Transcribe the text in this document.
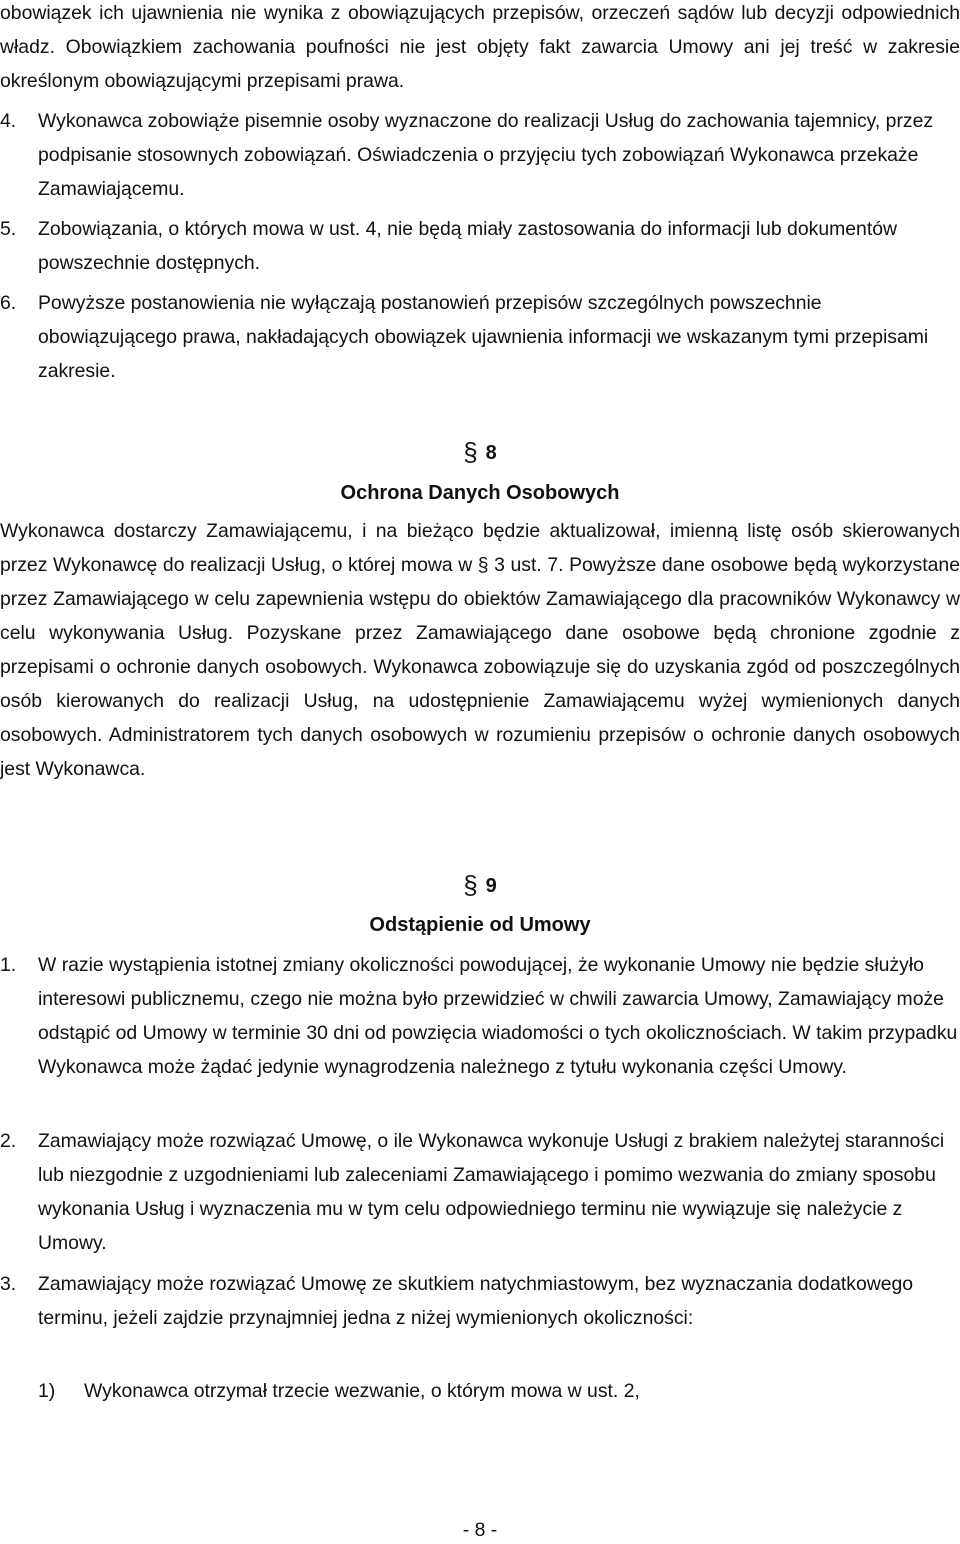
obowiązek ich ujawnienia nie wynika z obowiązujących przepisów, orzeczeń sądów lub decyzji odpowiednich władz. Obowiązkiem zachowania poufności nie jest objęty fakt zawarcia Umowy ani jej treść w zakresie określonym obowiązującymi przepisami prawa.

4. Wykonawca zobowiąże pisemnie osoby wyznaczone do realizacji Usług do zachowania tajemnicy, przez podpisanie stosownych zobowiązań. Oświadczenia o przyjęciu tych zobowiązań Wykonawca przekaże Zamawiającemu.
5. Zobowiązania, o których mowa w ust. 4, nie będą miały zastosowania do informacji lub dokumentów powszechnie dostępnych.
6. Powyższe postanowienia nie wyłączają postanowień przepisów szczególnych powszechnie obowiązującego prawa, nakładających obowiązek ujawnienia informacji we wskazanym tymi przepisami zakresie.
§ 8
Ochrona Danych Osobowych

Wykonawca dostarczy Zamawiającemu, i na bieżąco będzie aktualizował, imienną listę osób skierowanych przez Wykonawcę do realizacji Usług, o której mowa w § 3 ust. 7. Powyższe dane osobowe będą wykorzystane przez Zamawiającego w celu zapewnienia wstępu do obiektów Zamawiającego dla pracowników Wykonawcy w celu wykonywania Usług. Pozyskane przez Zamawiającego dane osobowe będą chronione zgodnie z przepisami o ochronie danych osobowych. Wykonawca zobowiązuje się do uzyskania zgód od poszczególnych osób kierowanych do realizacji Usług, na udostępnienie Zamawiającemu wyżej wymienionych danych osobowych. Administratorem tych danych osobowych w rozumieniu przepisów o ochronie danych osobowych jest Wykonawca.

§ 9
Odstąpienie od Umowy
1. W razie wystąpienia istotnej zmiany okoliczności powodującej, że wykonanie Umowy nie będzie służyło interesowi publicznemu, czego nie można było przewidzieć w chwili zawarcia Umowy, Zamawiający może odstąpić od Umowy w terminie 30 dni od powzięcia wiadomości o tych okolicznościach. W takim przypadku Wykonawca może żądać jedynie wynagrodzenia należnego z tytułu wykonania części Umowy.
2. Zamawiający może rozwiązać Umowę, o ile Wykonawca wykonuje Usługi z brakiem należytej staranności lub niezgodnie z uzgodnieniami lub zaleceniami Zamawiającego i pomimo wezwania do zmiany sposobu wykonania Usług i wyznaczenia mu w tym celu odpowiedniego terminu nie wywiązuje się należycie z Umowy.
3. Zamawiający może rozwiązać Umowę ze skutkiem natychmiastowym, bez wyznaczania dodatkowego terminu, jeżeli zajdzie przynajmniej jedna z niżej wymienionych okoliczności:
1) Wykonawca otrzymał trzecie wezwanie, o którym mowa w ust. 2,
- 8 -
